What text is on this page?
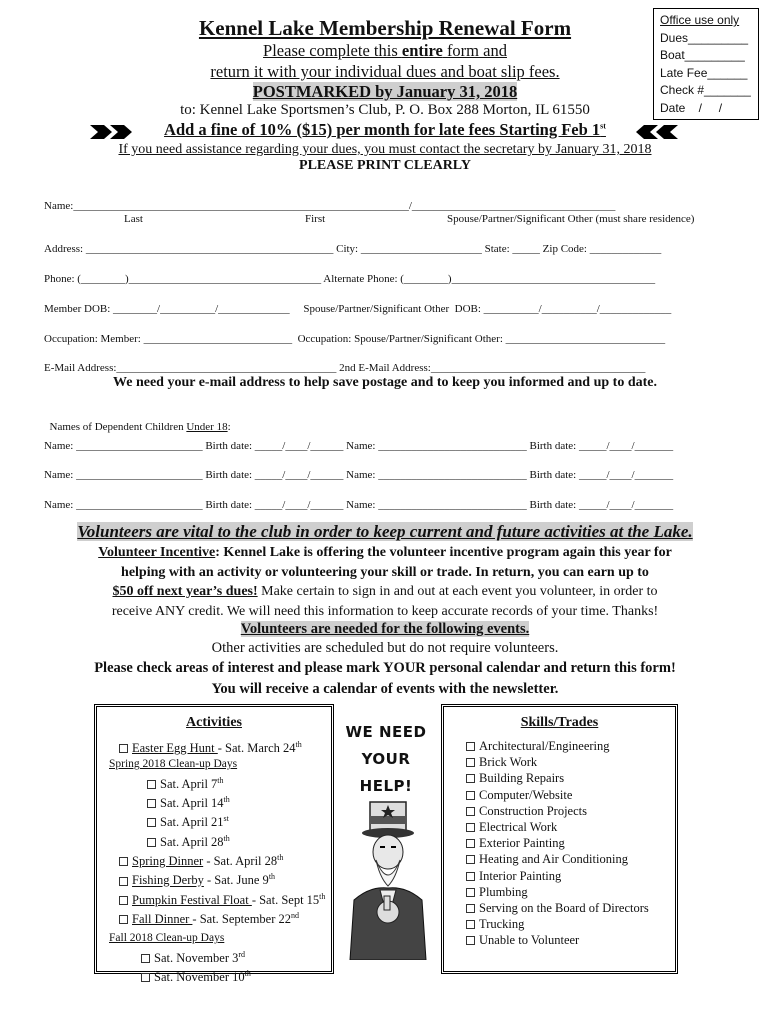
Kennel Lake Membership Renewal Form	Office use only
Dues_________
Boat_________
Late Fee______
Check #_______
Date    /     /
Please complete this entire form and
return it with your individual dues and boat slip fees.
POSTMARKED by January 31, 2018
to: Kennel Lake Sportsmen’s Club, P. O. Box 288 Morton, IL 61550
Add a fine of 10% ($15) per month for late fees Starting Feb 1st
If you need assistance regarding your dues, you must contact the secretary by January 31, 2018
PLEASE PRINT CLEARLY
Name:_____________________________________________________________/_____________________________________
Last	First	Spouse/Partner/Significant Other (must share residence)
Address: _____________________________________________ City: ______________________ State: _____ Zip Code: _____________
Phone: (________)___________________________________ Alternate Phone: (________)_____________________________________
Member DOB: ________/__________/_____________     Spouse/Partner/Significant Other  DOB: __________/__________/_____________
Occupation: Member: ___________________________  Occupation: Spouse/Partner/Significant Other: _____________________________
E-Mail Address:________________________________________ 2nd E-Mail Address:_______________________________________
We need your e-mail address to help save postage and to keep you informed and up to date.

Names of Dependent Children Under 18:

Name: _______________________ Birth date: _____/____/______ Name: ___________________________ Birth date: _____/____/_______
Name: _______________________ Birth date: _____/____/______ Name: ___________________________ Birth date: _____/____/_______
Name: _______________________ Birth date: _____/____/______ Name: ___________________________ Birth date: _____/____/_______
Volunteers are vital to the club in order to keep current and future activities at the Lake.
Volunteer Incentive: Kennel Lake is offering the volunteer incentive program again this year for
helping with an activity or volunteering your skill or trade. In return, you can earn up to
$50 off next year’s dues! Make certain to sign in and out at each event you volunteer, in order to
receive ANY credit. We will need this information to keep accurate records of your time. Thanks!
Volunteers are needed for the following events.
Other activities are scheduled but do not require volunteers.
Please check areas of interest and please mark YOUR personal calendar and return this form!
You will receive a calendar of events with the newsletter.
Activities
Easter Egg Hunt - Sat. March 24th
Spring 2018 Clean-up Days
Sat. April 7th
Sat. April 14th
Sat. April 21st
Sat. April 28th
Spring Dinner - Sat. April 28th
Fishing Derby - Sat. June 9th
Pumpkin Festival Float - Sat. Sept 15th
Fall Dinner - Sat. September 22nd
Fall 2018 Clean-up Days
Sat. November 3rd
Sat. November 10th
WE NEED
YOUR
HELP!
Skills/Trades
Architectural/Engineering
Brick Work
Building Repairs
Computer/Website
Construction Projects
Electrical Work
Exterior Painting
Heating and Air Conditioning
Interior Painting
Plumbing
Serving on the Board of Directors
Trucking
Unable to Volunteer
